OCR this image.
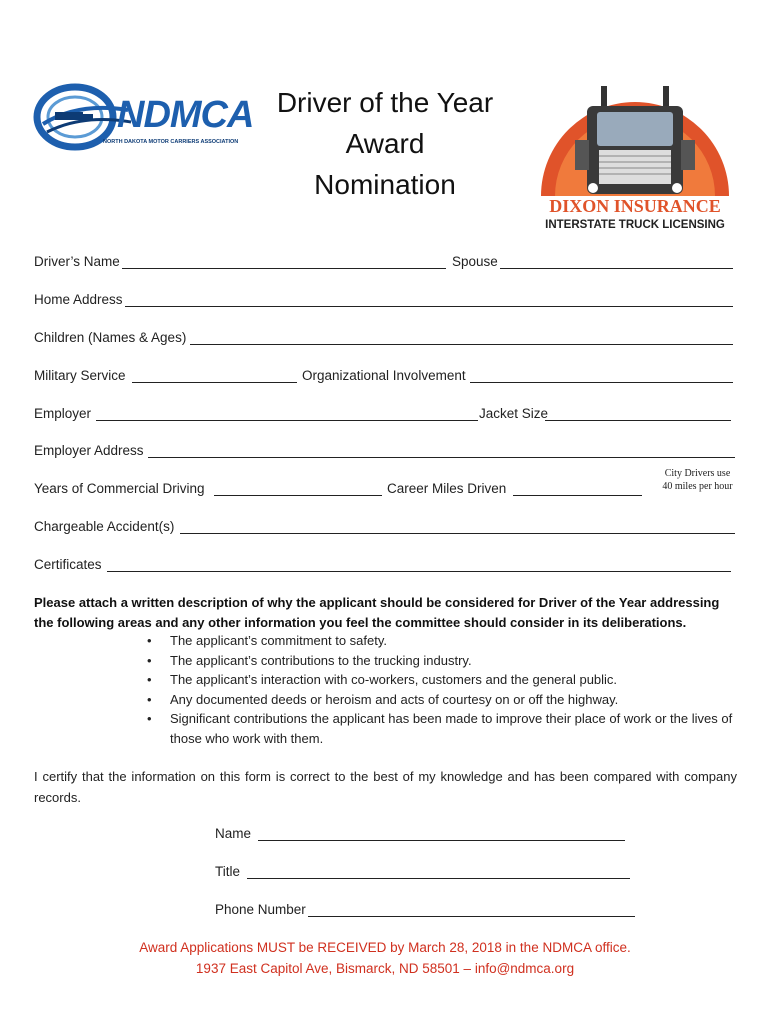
NDMCA
NORTH DAKOTA MOTOR CARRIERS ASSOCIATION
Driver of the Year
Award
Nomination
DIXON INSURANCE
INTERSTATE TRUCK LICENSING
Driver’s Name	Spouse
Home Address
Children (Names & Ages)
Military Service	Organizational Involvement
Employer	Jacket Size
Employer Address
Years of Commercial Driving	Career Miles Driven
City Drivers use
40 miles per hour
Chargeable Accident(s)
Certificates
Please attach a written description of why the applicant should be considered for Driver of the Year addressing the following areas and any other information you feel the committee should consider in its deliberations.
• The applicant’s commitment to safety.
• The applicant’s contributions to the trucking industry.
• The applicant’s interaction with co-workers, customers and the general public.
• Any documented deeds or heroism and acts of courtesy on or off the highway.
• Significant contributions the applicant has been made to improve their place of work or the lives of those who work with them.
I certify that the information on this form is correct to the best of my knowledge and has been compared with company records.
Name
Title
Phone Number
Award Applications MUST be RECEIVED by March 28, 2018 in the NDMCA office.
1937 East Capitol Ave, Bismarck, ND 58501 – info@ndmca.org
